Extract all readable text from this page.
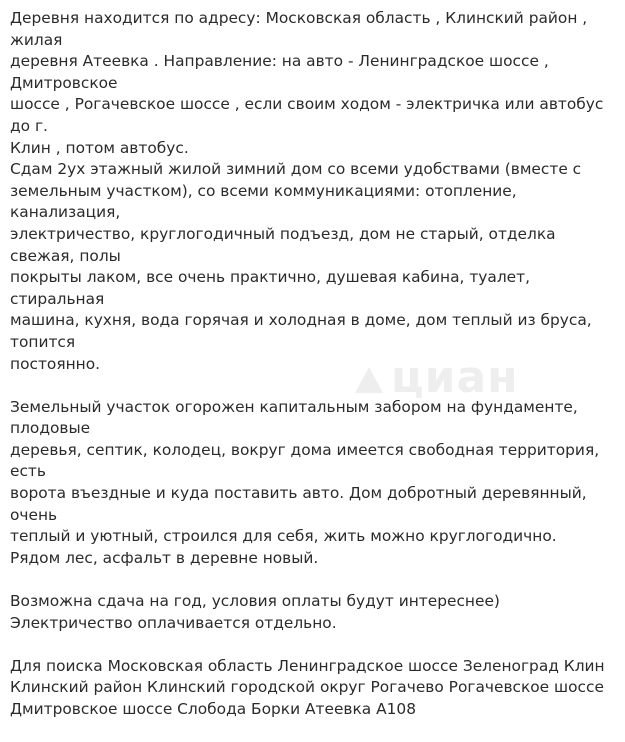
Деревня находится по адресу: Московская область , Клинский район , жилая
деревня Атеевка . Направление: на авто - Ленинградское шоссе , Дмитровское
шоссе , Рогачевское шоссе , если своим ходом - электричка или автобус до г.
Клин , потом автобус.
Сдам 2ух этажный жилой зимний дом со всеми удобствами (вместе с
земельным участком), со всеми коммуникациями: отопление, канализация,
электричество, круглогодичный подъезд, дом не старый, отделка свежая, полы
покрыты лаком, все очень практично, душевая кабина, туалет, стиральная
машина, кухня, вода горячая и холодная в доме, дом теплый из бруса, топится
постоянно.

Земельный участок огорожен капитальным забором на фундаменте, плодовые
деревья, септик, колодец, вокруг дома имеется свободная территория, есть
ворота въездные и куда поставить авто. Дом добротный деревянный, очень
теплый и уютный, строился для себя, жить можно круглогодично.
Рядом лес, асфальт в деревне новый.

Возможна сдача на год, условия оплаты будут интереснее)
Электричество оплачивается отдельно.

Для поиска Московская область Ленинградское шоссе Зеленоград Клин
Клинский район Клинский городской округ Рогачево Рогачевское шоссе
Дмитровское шоссе Слобода Борки Атеевка А108

циан
